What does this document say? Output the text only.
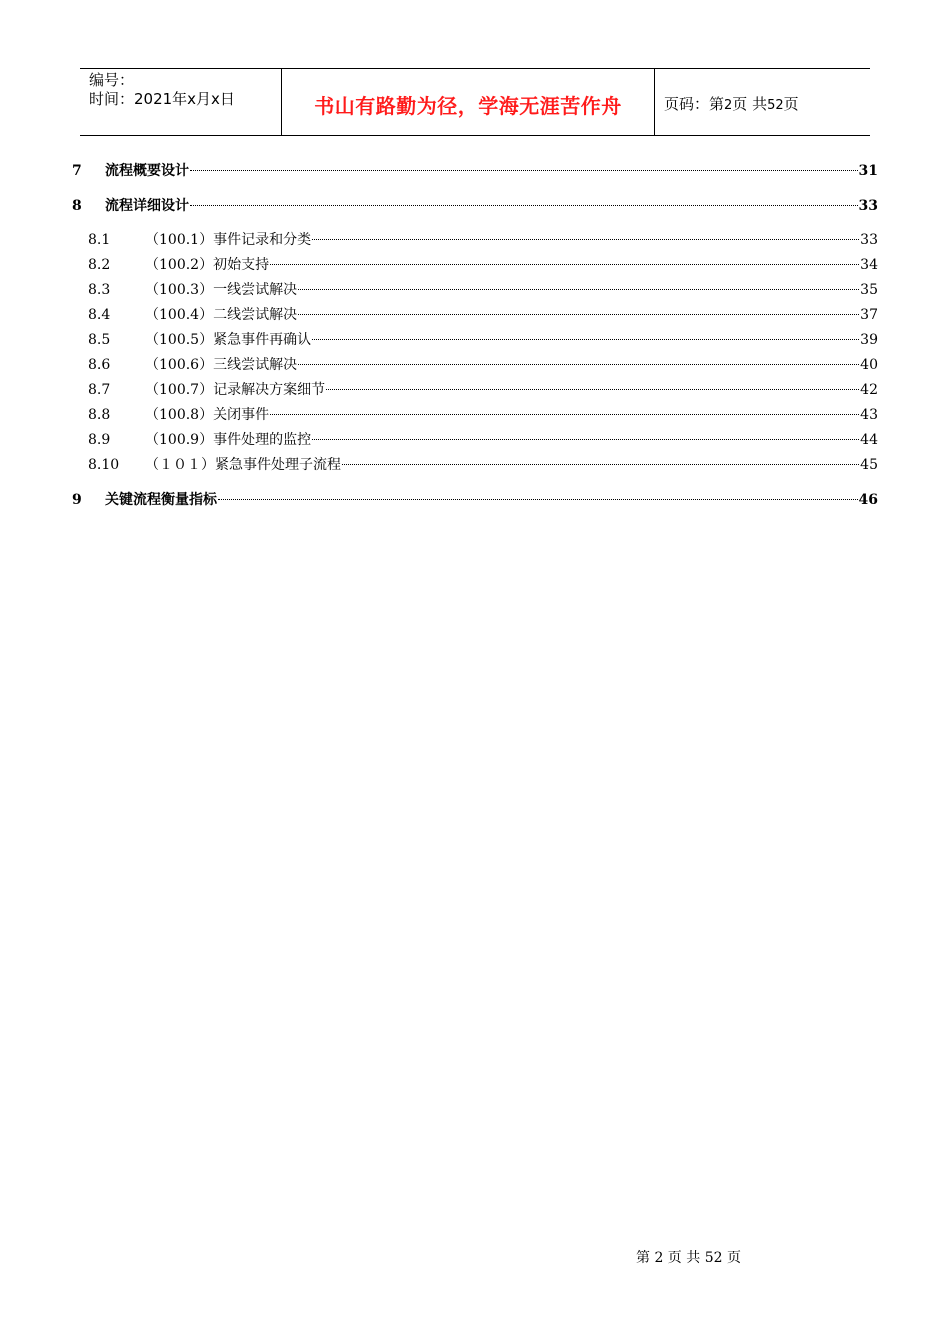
编号：
时间：2021年x月x日	书山有路勤为径，学海无涯苦作舟	页码：第2页 共52页
7	流程概要设计	31
8	流程详细设计	33
8.1	（100.1）事件记录和分类	33
8.2	（100.2）初始支持	34
8.3	（100.3）一线尝试解决	35
8.4	（100.4）二线尝试解决	37
8.5	（100.5）紧急事件再确认	39
8.6	（100.6）三线尝试解决	40
8.7	（100.7）记录解决方案细节	42
8.8	（100.8）关闭事件	43
8.9	（100.9）事件处理的监控	44
8.10	（１０１）紧急事件处理子流程	45
9	关键流程衡量指标	46
第 2 页 共 52 页
